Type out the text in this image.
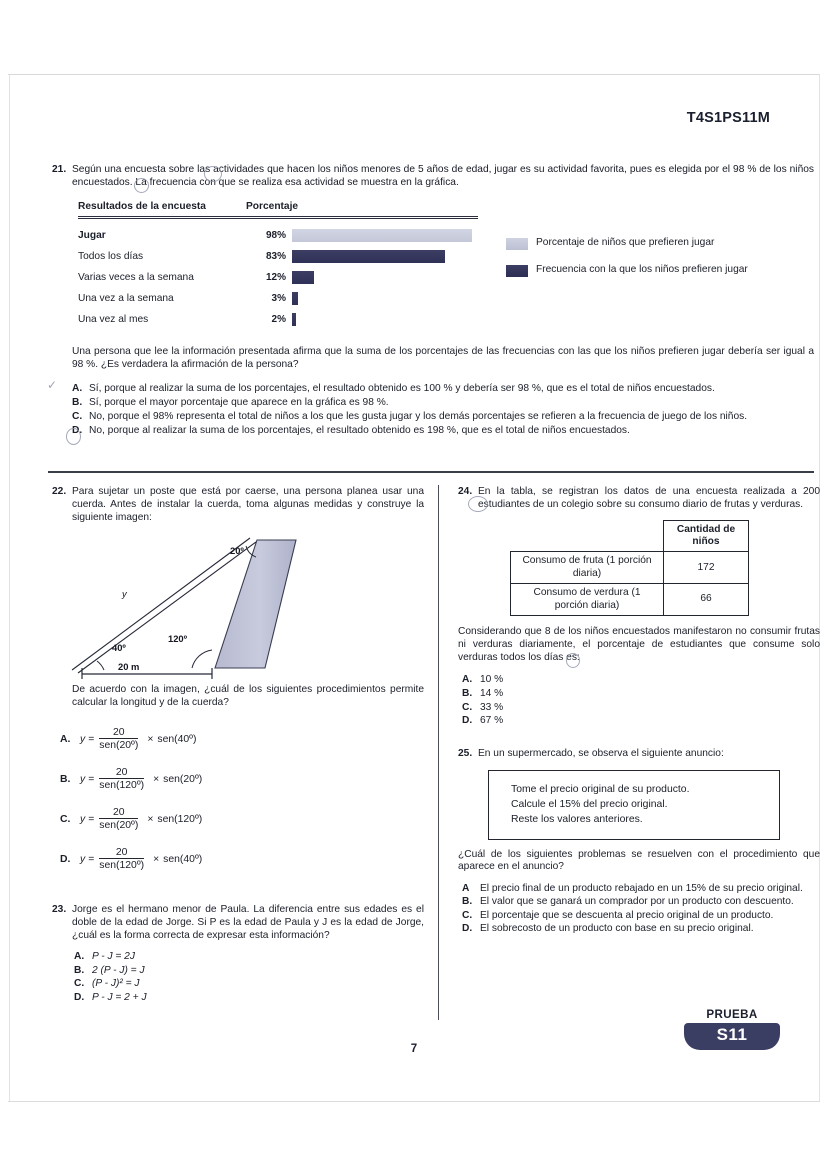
T4S1PS11M
21. Según una encuesta sobre las actividades que hacen los niños menores de 5 años de edad, jugar es su actividad favorita, pues es elegida por el 98 % de los niños encuestados. La frecuencia con que se realiza esa actividad se muestra en la gráfica.
Resultados de la encuesta	Porcentaje
Jugar	98%
Todos los días	83%
Varias veces a la semana	12%
Una vez a la semana	3%
Una vez al mes	2%
Porcentaje de niños que prefieren jugar
Frecuencia con la que los niños prefieren jugar
Una persona que lee la información presentada afirma que la suma de los porcentajes de las frecuencias con las que los niños prefieren jugar debería ser igual a 98 %. ¿Es verdadera la afirmación de la persona?
A. Sí, porque al realizar la suma de los porcentajes, el resultado obtenido es 100 % y debería ser 98 %, que es el total de niños encuestados.
B. Sí, porque el mayor porcentaje que aparece en la gráfica es 98 %.
C. No, porque el 98% representa el total de niños a los que les gusta jugar y los demás porcentajes se refieren a la frecuencia de juego de los niños.
D. No, porque al realizar la suma de los porcentajes, el resultado obtenido es 198 %, que es el total de niños encuestados.
✓
22. Para sujetar un poste que está por caerse, una persona planea usar una cuerda. Antes de instalar la cuerda, toma algunas medidas y construye la siguiente imagen:
20º
40º
120º
y
20 m
De acuerdo con la imagen, ¿cuál de los siguientes procedimientos permite calcular la longitud y de la cuerda?
A. $y = \frac{20}{\text{sen(20º)}}$ × sen(40º)
B. $y = \frac{20}{\text{sen(120º)}}$ × sen(20º)
C. $y = \frac{20}{\text{sen(20º)}}$ × sen(120º)
D. $y = \frac{20}{\text{sen(120º)}}$ × sen(40º)
23. Jorge es el hermano menor de Paula. La diferencia entre sus edades es el doble de la edad de Jorge. Si P es la edad de Paula y J es la edad de Jorge, ¿cuál es la forma correcta de expresar esta información?
A. P - J = 2J
B. 2 (P - J) = J
C. (P - J)² = J
D. P - J = 2 + J
24. En la tabla, se registran los datos de una encuesta realizada a 200 estudiantes de un colegio sobre su consumo diario de frutas y verduras.
	Cantidad de niños
Consumo de fruta (1 porción diaria)	172
Consumo de verdura (1 porción diaria)	66
Considerando que 8 de los niños encuestados manifestaron no consumir frutas ni verduras diariamente, el porcentaje de estudiantes que consume solo verduras todos los días es:
A. 10 %
B. 14 %
C. 33 %
D. 67 %
25. En un supermercado, se observa el siguiente anuncio:

Tome el precio original de su producto.

Calcule el 15% del precio original.

Reste los valores anteriores.

¿Cuál de los siguientes problemas se resuelven con el procedimiento que aparece en el anuncio?
A	El precio final de un producto rebajado en un 15% de su precio original.
B. El valor que se ganará un comprador por un producto con descuento.
C. El porcentaje que se descuenta al precio original de un producto.
D. El sobrecosto de un producto con base en su precio original.
PRUEBA
S11
7
